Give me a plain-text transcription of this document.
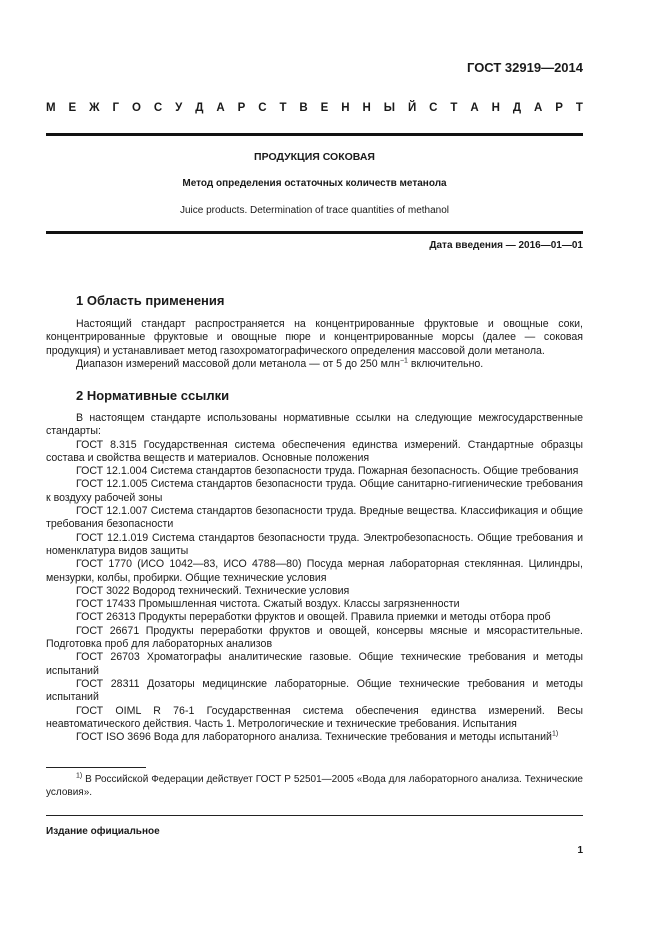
ГОСТ 32919—2014
М Е Ж Г О С У Д А Р С Т В Е Н Н Ы Й С Т А Н Д А Р Т
ПРОДУКЦИЯ СОКОВАЯ
Метод определения остаточных количеств метанола
Juice products. Determination of trace quantities of methanol
Дата введения — 2016—01—01
1 Область применения

Настоящий стандарт распространяется на концентрированные фруктовые и овощные соки, концентрированные фруктовые и овощные пюре и концентрированные морсы (далее — соковая продукция) и устанавливает метод газохроматографического определения массовой доли метанола.

Диапазон измерений массовой доли метанола — от 5 до 250 млн$^{-1}$ включительно.

2 Нормативные ссылки

В настоящем стандарте использованы нормативные ссылки на следующие межгосударственные стандарты:

ГОСТ 8.315 Государственная система обеспечения единства измерений. Стандартные образцы состава и свойства веществ и материалов. Основные положения

ГОСТ 12.1.004 Система стандартов безопасности труда. Пожарная безопасность. Общие требования

ГОСТ 12.1.005 Система стандартов безопасности труда. Общие санитарно-гигиенические требования к воздуху рабочей зоны

ГОСТ 12.1.007 Система стандартов безопасности труда. Вредные вещества. Классификация и общие требования безопасности

ГОСТ 12.1.019 Система стандартов безопасности труда. Электробезопасность. Общие требования и номенклатура видов защиты

ГОСТ 1770 (ИСО 1042—83, ИСО 4788—80) Посуда мерная лабораторная стеклянная. Цилиндры, мензурки, колбы, пробирки. Общие технические условия

ГОСТ 3022 Водород технический. Технические условия

ГОСТ 17433 Промышленная чистота. Сжатый воздух. Классы загрязненности

ГОСТ 26313 Продукты переработки фруктов и овощей. Правила приемки и методы отбора проб

ГОСТ 26671 Продукты переработки фруктов и овощей, консервы мясные и мясорастительные. Подготовка проб для лабораторных анализов

ГОСТ 26703 Хроматографы аналитические газовые. Общие технические требования и методы испытаний

ГОСТ 28311 Дозаторы медицинские лабораторные. Общие технические требования и методы испытаний

ГОСТ OIML R 76-1 Государственная система обеспечения единства измерений. Весы неавтоматического действия. Часть 1. Метрологические и технические требования. Испытания

ГОСТ ISO 3696 Вода для лабораторного анализа. Технические требования и методы испытаний$^{1)}$

$^{1)}$ В Российской Федерации действует ГОСТ Р 52501—2005 «Вода для лабораторного анализа. Технические условия».

Издание официальное
1
